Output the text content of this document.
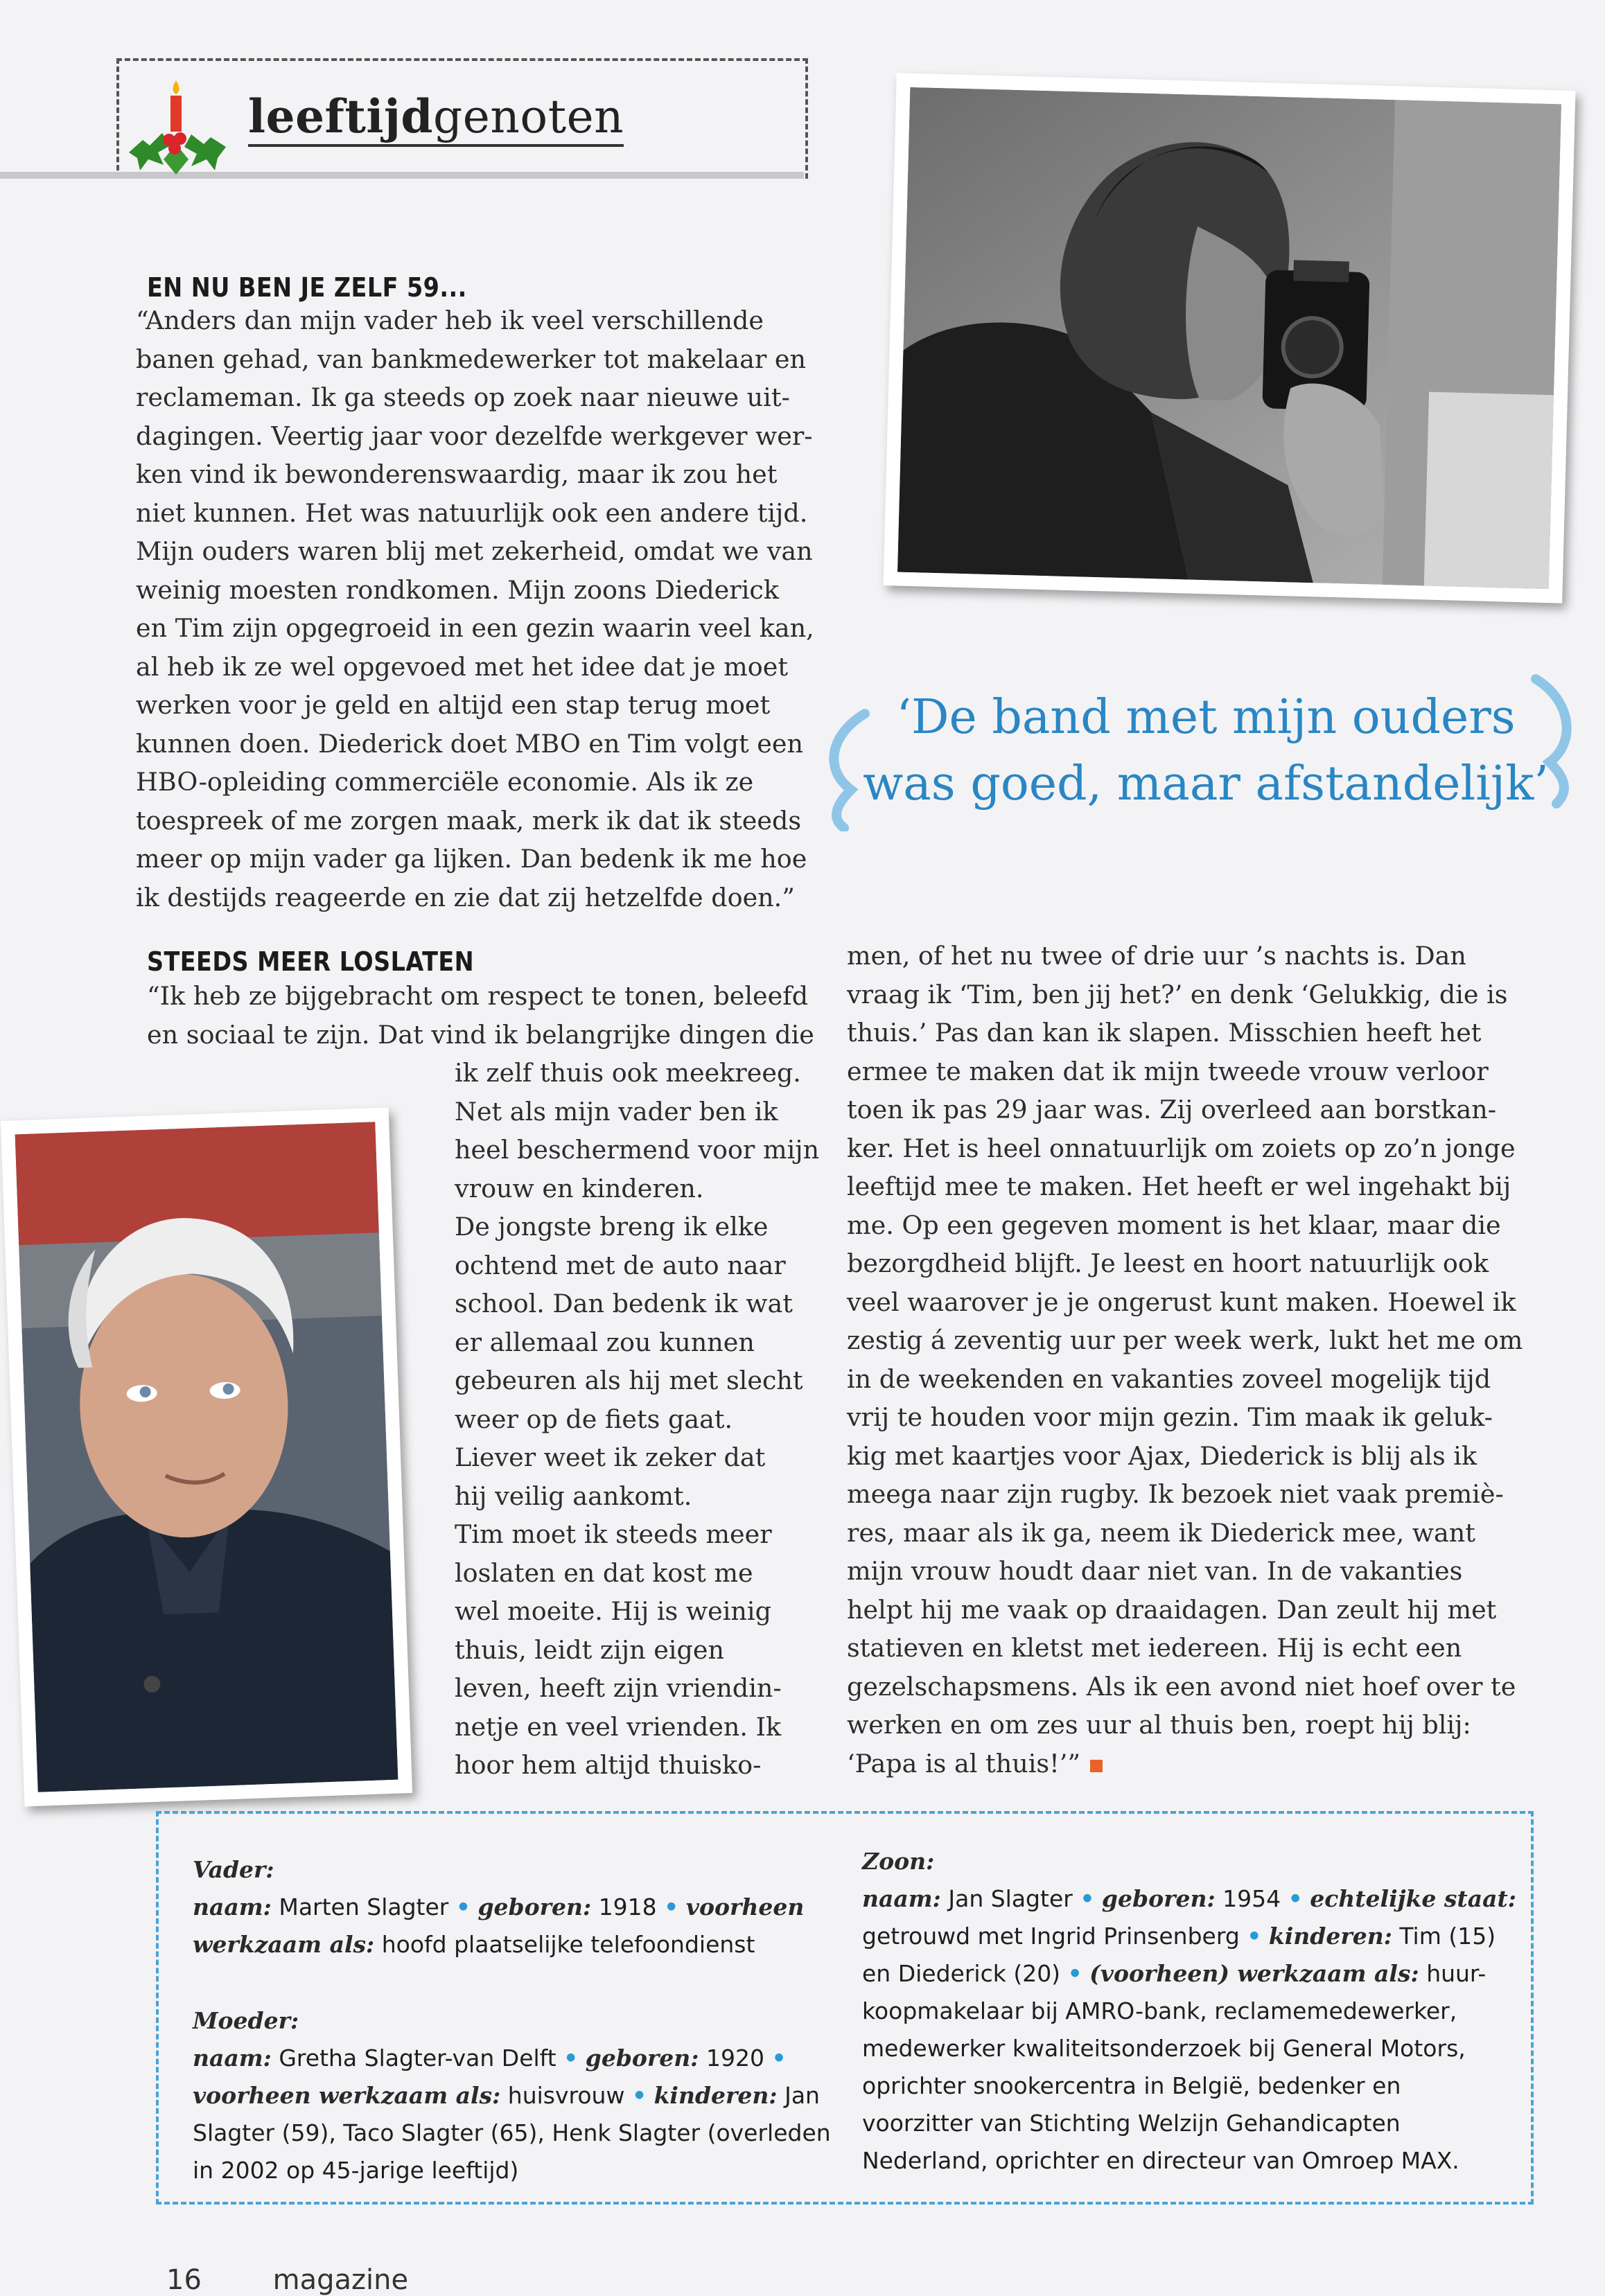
leeftijdgenoten
EN NU BEN JE ZELF 59...

“Anders dan mijn vader heb ik veel verschillende

banen gehad, van bankmedewerker tot makelaar en

reclameman. Ik ga steeds op zoek naar nieuwe uit-

dagingen. Veertig jaar voor dezelfde werkgever wer-

ken vind ik bewonderenswaardig, maar ik zou het

niet kunnen. Het was natuurlijk ook een andere tijd.

Mijn ouders waren blij met zekerheid, omdat we van

weinig moesten rondkomen. Mijn zoons Diederick

en Tim zijn opgegroeid in een gezin waarin veel kan,

al heb ik ze wel opgevoed met het idee dat je moet

werken voor je geld en altijd een stap terug moet

kunnen doen. Diederick doet MBO en Tim volgt een

HBO-opleiding commerciële economie. Als ik ze

toespreek of me zorgen maak, merk ik dat ik steeds

meer op mijn vader ga lijken. Dan bedenk ik me hoe

ik destijds reageerde en zie dat zij hetzelfde doen.”

‘De band met mijn ouders
was goed, maar afstandelijk’
STEEDS MEER LOSLATEN

“Ik heb ze bijgebracht om respect te tonen, beleefd

en sociaal te zijn. Dat vind ik belangrijke dingen die

ik zelf thuis ook meekreeg.

Net als mijn vader ben ik

heel beschermend voor mijn

vrouw en kinderen.

De jongste breng ik elke

ochtend met de auto naar

school. Dan bedenk ik wat

er allemaal zou kunnen

gebeuren als hij met slecht

weer op de fiets gaat.

Liever weet ik zeker dat

hij veilig aankomt.

Tim moet ik steeds meer

loslaten en dat kost me

wel moeite. Hij is weinig

thuis, leidt zijn eigen

leven, heeft zijn vriendin-

netje en veel vrienden. Ik

hoor hem altijd thuisko-

men, of het nu twee of drie uur ’s nachts is. Dan

vraag ik ‘Tim, ben jij het?’ en denk ‘Gelukkig, die is

thuis.’ Pas dan kan ik slapen. Misschien heeft het

ermee te maken dat ik mijn tweede vrouw verloor

toen ik pas 29 jaar was. Zij overleed aan borstkan-

ker. Het is heel onnatuurlijk om zoiets op zo’n jonge

leeftijd mee te maken. Het heeft er wel ingehakt bij

me. Op een gegeven moment is het klaar, maar die

bezorgdheid blijft. Je leest en hoort natuurlijk ook

veel waarover je je ongerust kunt maken. Hoewel ik

zestig á zeventig uur per week werk, lukt het me om

in de weekenden en vakanties zoveel mogelijk tijd

vrij te houden voor mijn gezin. Tim maak ik geluk-

kig met kaartjes voor Ajax, Diederick is blij als ik

meega naar zijn rugby. Ik bezoek niet vaak premiè-

res, maar als ik ga, neem ik Diederick mee, want

mijn vrouw houdt daar niet van. In de vakanties

helpt hij me vaak op draaidagen. Dan zeult hij met

statieven en kletst met iedereen. Hij is echt een

gezelschapsmens. Als ik een avond niet hoef over te

werken en om zes uur al thuis ben, roept hij blij:

‘Papa is al thuis!’”

Vader:

naam: Marten Slagter • geboren: 1918 • voorheen

werkzaam als: hoofd plaatselijke telefoondienst

Moeder:

naam: Gretha Slagter-van Delft • geboren: 1920 •

voorheen werkzaam als: huisvrouw • kinderen: Jan

Slagter (59), Taco Slagter (65), Henk Slagter (overleden

in 2002 op 45-jarige leeftijd)

Zoon:

naam: Jan Slagter • geboren: 1954 • echtelijke staat:

getrouwd met Ingrid Prinsenberg • kinderen: Tim (15)

en Diederick (20) • (voorheen) werkzaam als: huur-

koopmakelaar bij AMRO-bank, reclamemedewerker,

medewerker kwaliteitsonderzoek bij General Motors,

oprichter snookercentra in België, bedenker en

voorzitter van Stichting Welzijn Gehandicapten

Nederland, oprichter en directeur van Omroep MAX.

16	magazine
